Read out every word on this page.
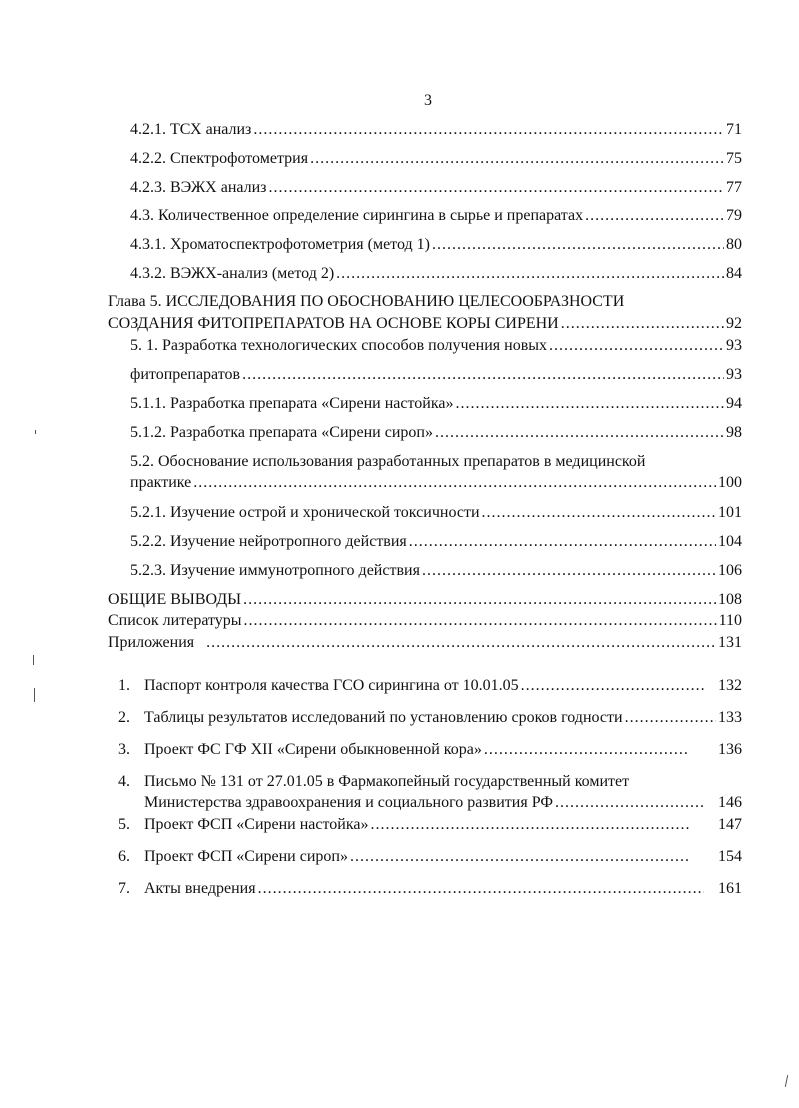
3
4.2.1. ТСХ анализ .....	71
4.2.2. Спектрофотометрия .....	75
4.2.3. ВЭЖХ анализ .....	77
4.3. Количественное определение сирингина в сырье и препаратах .....	79
4.3.1. Хроматоспектрофотометрия (метод 1) .....	80
4.3.2. ВЭЖХ-анализ (метод 2) .....	84
Глава 5. ИССЛЕДОВАНИЯ ПО ОБОСНОВАНИЮ ЦЕЛЕСООБРАЗНОСТИ
СОЗДАНИЯ ФИТОПРЕПАРАТОВ НА ОСНОВЕ КОРЫ СИРЕНИ .....	92
5. 1. Разработка технологических способов получения новых .....	93
фитопрепаратов .....	93
5.1.1. Разработка препарата «Сирени настойка» .....	94
5.1.2. Разработка препарата «Сирени сироп» .....	98
5.2. Обоснование использования разработанных препаратов в медицинской
практике .....	100
5.2.1. Изучение острой и хронической токсичности .....	101
5.2.2. Изучение нейротропного действия .....	104
5.2.3. Изучение иммунотропного действия .....	106
ОБЩИЕ ВЫВОДЫ .....	108
Список литературы .....	110
Приложения .....	131
1. Паспорт контроля качества ГСО сирингина от 10.01.05 .....	132
2. Таблицы результатов исследований по установлению сроков годности .....	133
3. Проект ФС ГФ XII «Сирени обыкновенной кора» .....	136
4. Письмо № 131 от 27.01.05 в Фармакопейный государственный комитет
Министерства здравоохранения и социального развития РФ .....	146
5. Проект ФСП «Сирени настойка» .....	147
6. Проект ФСП «Сирени сироп» .....	154
7. Акты внедрения .....	161
